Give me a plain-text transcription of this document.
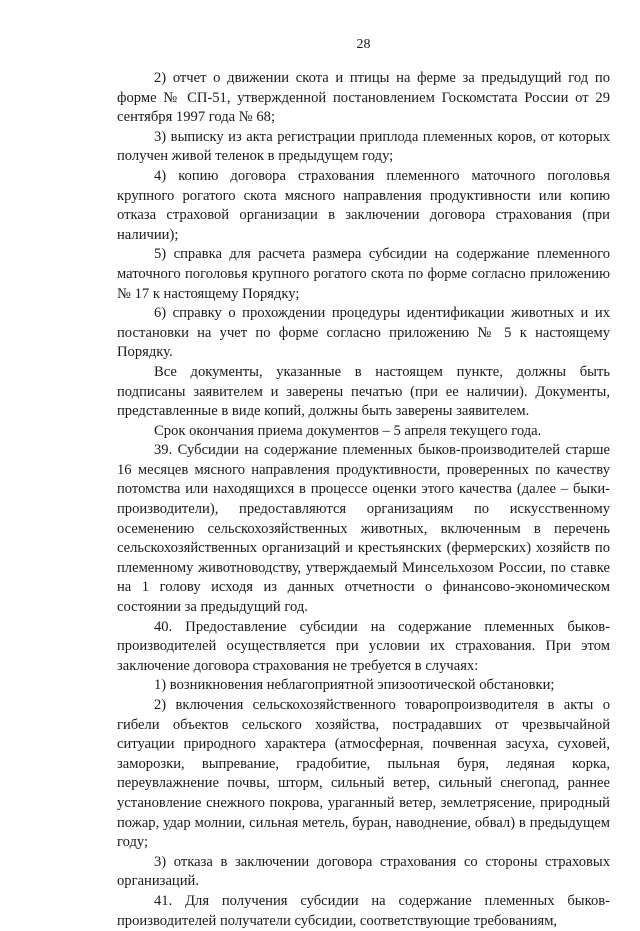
28

2) отчет о движении скота и птицы на ферме за предыдущий год по форме № СП-51, утвержденной постановлением Госкомстата России от 29 сентября 1997 года № 68;

3) выписку из акта регистрации приплода племенных коров, от которых получен живой теленок в предыдущем году;

4) копию договора страхования племенного маточного поголовья крупного рогатого скота мясного направления продуктивности или копию отказа страховой организации в заключении договора страхования (при наличии);

5) справка для расчета размера субсидии на содержание племенного маточного поголовья крупного рогатого скота по форме согласно приложению № 17 к настоящему Порядку;

6) справку о прохождении процедуры идентификации животных и их постановки на учет по форме согласно приложению № 5 к настоящему Порядку.

Все документы, указанные в настоящем пункте, должны быть подписаны заявителем и заверены печатью (при ее наличии). Документы, представленные в виде копий, должны быть заверены заявителем.

Срок окончания приема документов – 5 апреля текущего года.

39. Субсидии на содержание племенных быков-производителей старше 16 месяцев мясного направления продуктивности, проверенных по качеству потомства или находящихся в процессе оценки этого качества (далее – быки-производители), предоставляются организациям по искусственному осеменению сельскохозяйственных животных, включенным в перечень сельскохозяйственных организаций и крестьянских (фермерских) хозяйств по племенному животноводству, утверждаемый Минсельхозом России, по ставке на 1 голову исходя из данных отчетности о финансово-экономическом состоянии за предыдущий год.

40. Предоставление субсидии на содержание племенных быков-производителей осуществляется при условии их страхования. При этом заключение договора страхования не требуется в случаях:

1) возникновения неблагоприятной эпизоотической обстановки;

2) включения сельскохозяйственного товаропроизводителя в акты о гибели объектов сельского хозяйства, пострадавших от чрезвычайной ситуации природного характера (атмосферная, почвенная засуха, суховей, заморозки, выпревание, градобитие, пыльная буря, ледяная корка, переувлажнение почвы, шторм, сильный ветер, сильный снегопад, раннее установление снежного покрова, ураганный ветер, землетрясение, природный пожар, удар молнии, сильная метель, буран, наводнение, обвал) в предыдущем году;

3) отказа в заключении договора страхования со стороны страховых организаций.

41. Для получения субсидии на содержание племенных быков-производителей получатели субсидии, соответствующие требованиям,
